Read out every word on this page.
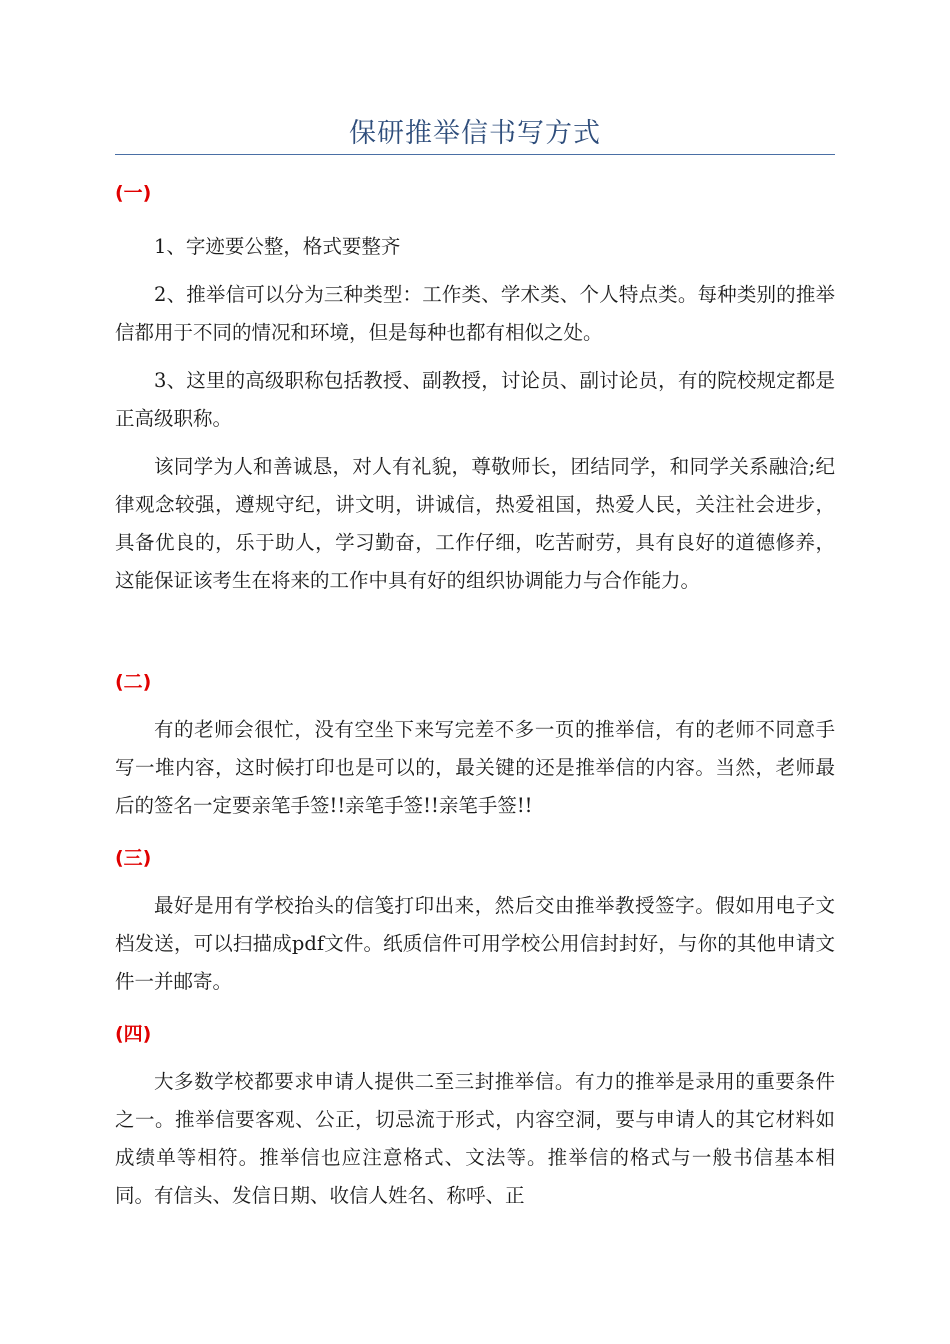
保研推举信书写方式
(一)

1、字迹要公整，格式要整齐

2、推举信可以分为三种类型：工作类、学术类、个人特点类。每种类别的推举信都用于不同的情况和环境，但是每种也都有相似之处。

3、这里的高级职称包括教授、副教授，讨论员、副讨论员，有的院校规定都是正高级职称。

该同学为人和善诚恳，对人有礼貌，尊敬师长，团结同学，和同学关系融洽;纪律观念较强，遵规守纪，讲文明，讲诚信，热爱祖国，热爱人民，关注社会进步，具备优良的，乐于助人，学习勤奋，工作仔细，吃苦耐劳，具有良好的道德修养，这能保证该考生在将来的工作中具有好的组织协调能力与合作能力。

(二)

有的老师会很忙，没有空坐下来写完差不多一页的推举信，有的老师不同意手写一堆内容，这时候打印也是可以的，最关键的还是推举信的内容。当然，老师最后的签名一定要亲笔手签!!亲笔手签!!亲笔手签!!

(三)

最好是用有学校抬头的信笺打印出来，然后交由推举教授签字。假如用电子文档发送，可以扫描成pdf文件。纸质信件可用学校公用信封封好，与你的其他申请文件一并邮寄。

(四)

大多数学校都要求申请人提供二至三封推举信。有力的推举是录用的重要条件之一。推举信要客观、公正，切忌流于形式，内容空洞，要与申请人的其它材料如成绩单等相符。推举信也应注意格式、文法等。推举信的格式与一般书信基本相同。有信头、发信日期、收信人姓名、称呼、正
